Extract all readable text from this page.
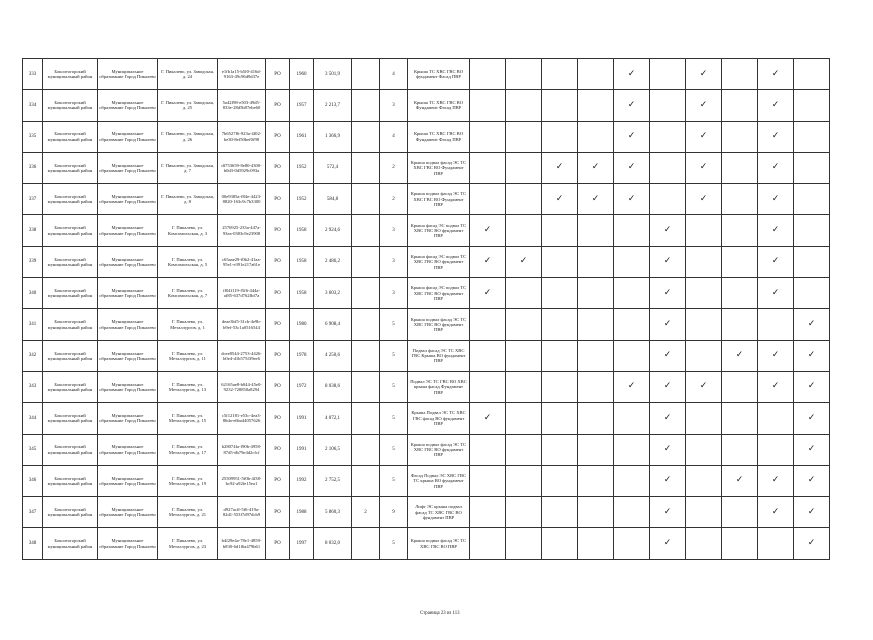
333	Бокситогорский муниципальный район	Муниципальное образование Город Пикалево	Г. Пикалево, ул. Заводская, д. 24	e1fb1a15-b5f0-416d-9163-49c96d9d37e	РО	1960	3 501,9		4	Крыша ТС ХВС ГВС ВО фундамент Фасад ПВР					✓		✓		✓	
334	Бокситогорский муниципальный район	Муниципальное образование Город Пикалево	Г. Пикалево, ул. Заводская, д. 25	5a42f98-e503-49d5-833e-28d5b87ebe60	РО	1957	2 213,7		3	Крыша ТС ХВС ГВС ВО Фундамент Фасад ПВР					✓		✓		✓	
335	Бокситогорский муниципальный район	Муниципальное образование Город Пикалево	Г. Пикалево, ул. Заводская, д. 26	7b6527f6-923a-4f02-be30-8ef50bef0f98	РО	1961	1 366,9		4	Крыша ТС ХВС ГВС ВО Фундамент Фасад ПВР					✓		✓		✓	
336	Бокситогорский муниципальный район	Муниципальное образование Город Пикалево	Г. Пикалево, ул. Заводская, д. 7	df753659-8e80-4300-b0d3-0d5929c093a	РО	1952	572,4		2	Крыша подвал фасад ЭС ТС ХВС ГВС ВО Фундамент ПВР			✓	✓	✓		✓		✓	
337	Бокситогорский муниципальный район	Муниципальное образование Город Пикалево	Г. Пикалево, ул. Заводская, д. 8	00e9385a-f84e-4423-8820-163c9c7b3300	РО	1952	584,8		2	Крыша подвал фасад ЭС ТС ХВС ГВС ВО Фундамент ПВР			✓	✓	✓		✓		✓	
338	Бокситогорский муниципальный район	Муниципальное образование Город Пикалево	Г. Пикалево, ул. Комсомольская, д. 3	2576925-233a-447a-93ea-0383c9e23908	РО	1958	2 924,6		3	Крыша фасад ЭС подвал ТС ХВС ГВС ВО фундамент ПВР	✓					✓			✓	
339	Бокситогорский муниципальный район	Муниципальное образование Город Пикалево	Г. Пикалево, ул. Комсомольская, д. 5	c65aae29-f0b2-41aa-95e1-e391e217a61e	РО	1958	2 486,2		3	Крыша фасад ЭС подвал ТС ХВС ГВС ВО фундамент ПВР	✓	✓				✓			✓	
340	Бокситогорский муниципальный район	Муниципальное образование Город Пикалево	Г. Пикалево, ул. Комсомольская, д. 7	ff04f119-f5f6-444a-af85-637d762fbf7a	РО	1958	3 603,2		3	Крыша фасад ЭС подвал ТС ХВС ГВС ВО фундамент ПВР	✓					✓			✓	
341	Бокситогорский муниципальный район	Муниципальное образование Город Пикалево	Г. Пикалево, ул. Металлургов, д. 1	deae3bf5-31cb-4e9b-b9ef-53c1a0516544	РО	1980	6 908,4		5	Крыша подвал фасад ЭС ТС ХВС ГВС ВО фундамент ПВР						✓				✓
342	Бокситогорский муниципальный район	Муниципальное образование Город Пикалево	Г. Пикалево, ул. Металлургов, д. 11	dcee8544-2753-4426-b0e4-d1b575f39ee6	РО	1978	4 250,6		5	Подвал фасад ЭС ТС ХВС ГВС Крыша ВО фундамент ПВР						✓		✓	✓	✓
343	Бокситогорский муниципальный район	Муниципальное образование Город Пикалево	Г. Пикалево, ул. Металлургов, д. 13	62165ae8-b044-45e0-9232-728850a8294	РО	1972	8 038,6		5	Подвал ЭС ТС ГВС ВО ХВС крыша фасад Фундамент ПВР					✓	✓	✓		✓	✓
344	Бокситогорский муниципальный район	Муниципальное образование Город Пикалево	Г. Пикалево, ул. Металлургов, д. 15	c5f12181-e53c-4ea3-86da-e6ba44057626	РО	1991	4 072,1		5	Крыша Подвал ЭС ТС ХВС ГВС фасад ВО фундамент ПВР	✓					✓				✓
345	Бокситогорский муниципальный район	Муниципальное образование Город Пикалево	Г. Пикалево, ул. Металлургов, д. 17	b28074fa-f90b-4958-87d5-db79e4d2cfcf	РО	1991	2 106,5		5	Крыша подвал фасад ЭС ТС ХВС ГВС ВО фундамент ПВР						✓				✓
346	Бокситогорский муниципальный район	Муниципальное образование Город Пикалево	Г. Пикалево, ул. Металлургов, д. 19	25509951-5f0b-4f38-bc92-a92fe15ea1	РО	1992	2 752,5		5	Фасад Подвал ЭС ХВС ГВС ТС крыша ВО фундамент ПВР						✓		✓	✓	✓
347	Бокситогорский муниципальный район	Муниципальное образование Город Пикалево	Г. Пикалево, ул. Металлургов, д. 21	d927acff-5f6-419a-82d1-553f7d97dcb9	РО	1988	5 860,3	2	9	Лифт ЭС крыша подвал фасад ТС ХВС ГВС ВО фундамент ПВР						✓			✓	✓
348	Бокситогорский муниципальный район	Муниципальное образование Город Пикалево	Г. Пикалево, ул. Металлургов, д. 23	b4f29e4a-78e1-4859-b830-6d1f6a479b61	РО	1997	8 032,0		5	Крыша подвал фасад ЭС ТС ХВС ГВС ВО ПВР						✓				✓
Страница 23 из 113
